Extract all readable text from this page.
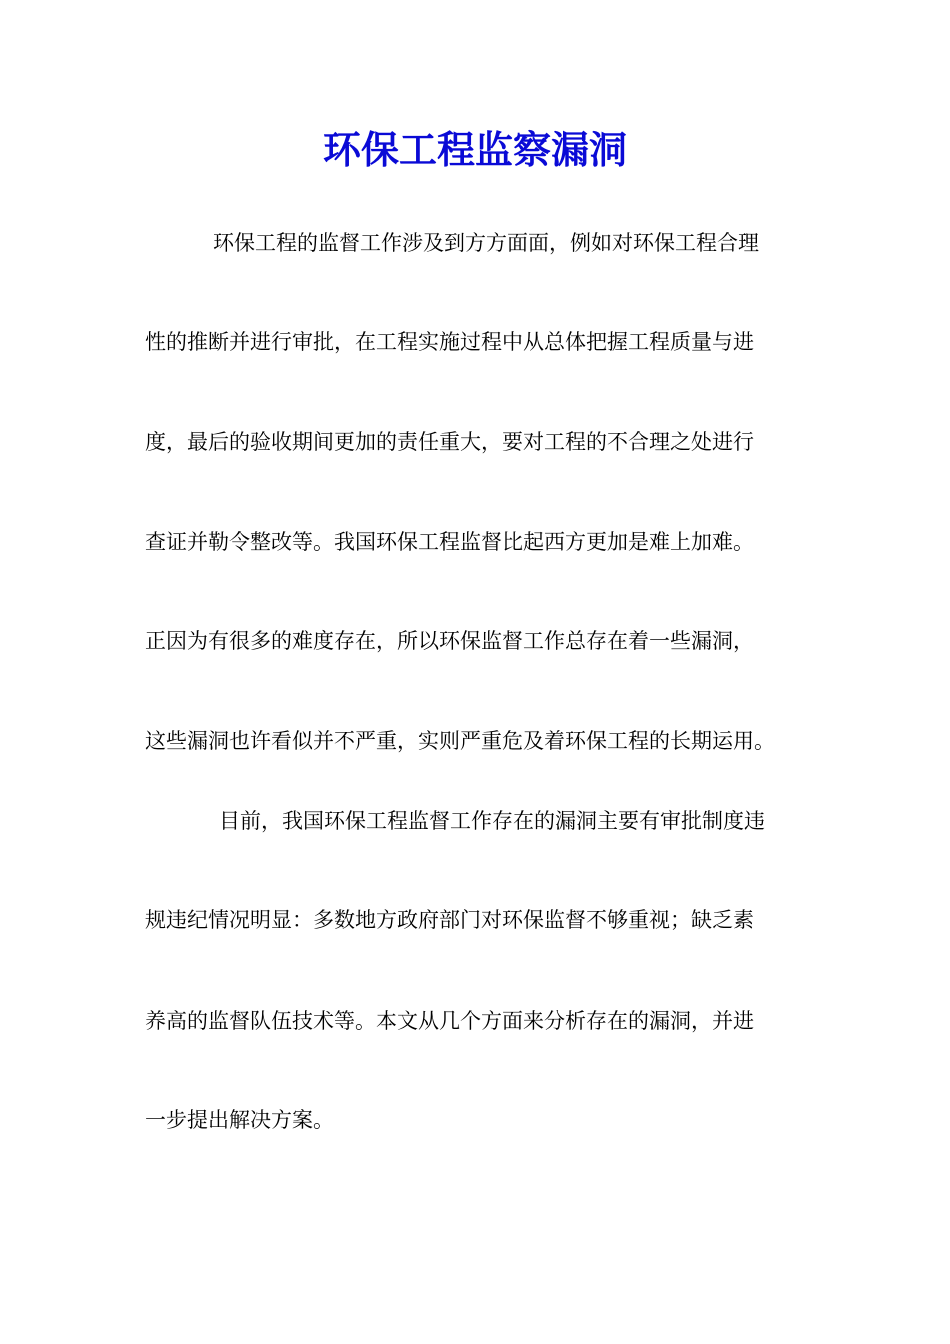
环保工程监察漏洞

环保工程的监督工作涉及到方方面面，例如对环保工程合理

性的推断并进行审批，在工程实施过程中从总体把握工程质量与进

度，最后的验收期间更加的责任重大，要对工程的不合理之处进行

查证并勒令整改等。我国环保工程监督比起西方更加是难上加难。

正因为有很多的难度存在，所以环保监督工作总存在着一些漏洞，

这些漏洞也许看似并不严重，实则严重危及着环保工程的长期运用。

目前，我国环保工程监督工作存在的漏洞主要有审批制度违

规违纪情况明显：多数地方政府部门对环保监督不够重视；缺乏素

养高的监督队伍技术等。本文从几个方面来分析存在的漏洞，并进

一步提出解决方案。
